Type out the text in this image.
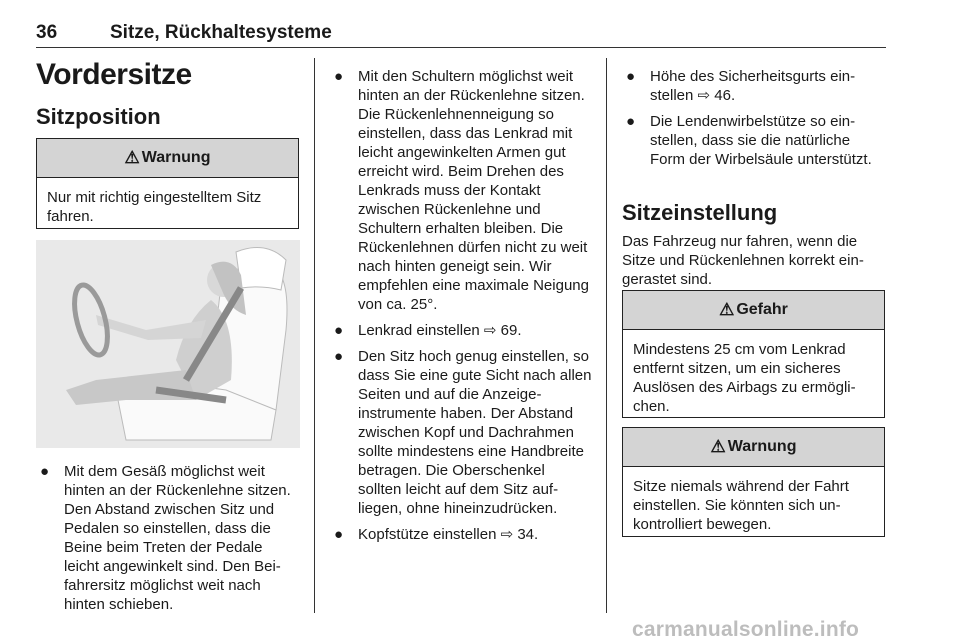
36	Sitze, Rückhaltesysteme
Vordersitze
Sitzposition
⚠ Warnung
Nur mit richtig eingestelltem Sitz fahren.
● Mit dem Gesäß möglichst weit hinten an der Rückenlehne sitzen. Den Abstand zwischen Sitz und Pedalen so einstellen, dass die Beine beim Treten der Pedale leicht angewinkelt sind. Den Beifahrersitz möglichst weit nach hinten schieben.
● Mit den Schultern möglichst weit hinten an der Rückenlehne sitzen. Die Rückenlehnenneigung so einstellen, dass das Lenkrad mit leicht angewinkelten Armen gut erreicht wird. Beim Drehen des Lenkrads muss der Kontakt zwischen Rückenlehne und Schultern erhalten bleiben. Die Rückenlehnen dürfen nicht zu weit nach hinten geneigt sein. Wir empfehlen eine maximale Neigung von ca. 25°.
● Lenkrad einstellen ⇨ 69.
● Den Sitz hoch genug einstellen, so dass Sie eine gute Sicht nach allen Seiten und auf die Anzeigeinstrumente haben. Der Abstand zwischen Kopf und Dachrahmen sollte mindestens eine Handbreite betragen. Die Oberschenkel sollten leicht auf dem Sitz aufliegen, ohne hineinzudrücken.
● Kopfstütze einstellen ⇨ 34.
● Höhe des Sicherheitsgurts einstellen ⇨ 46.
● Die Lendenwirbelstütze so einstellen, dass sie die natürliche Form der Wirbelsäule unterstützt.
Sitzeinstellung
Das Fahrzeug nur fahren, wenn die Sitze und Rückenlehnen korrekt eingerastet sind.
⚠ Gefahr
Mindestens 25 cm vom Lenkrad entfernt sitzen, um ein sicheres Auslösen des Airbags zu ermöglichen.
⚠ Warnung
Sitze niemals während der Fahrt einstellen. Sie könnten sich unkontrolliert bewegen.
carmanualsonline.info
